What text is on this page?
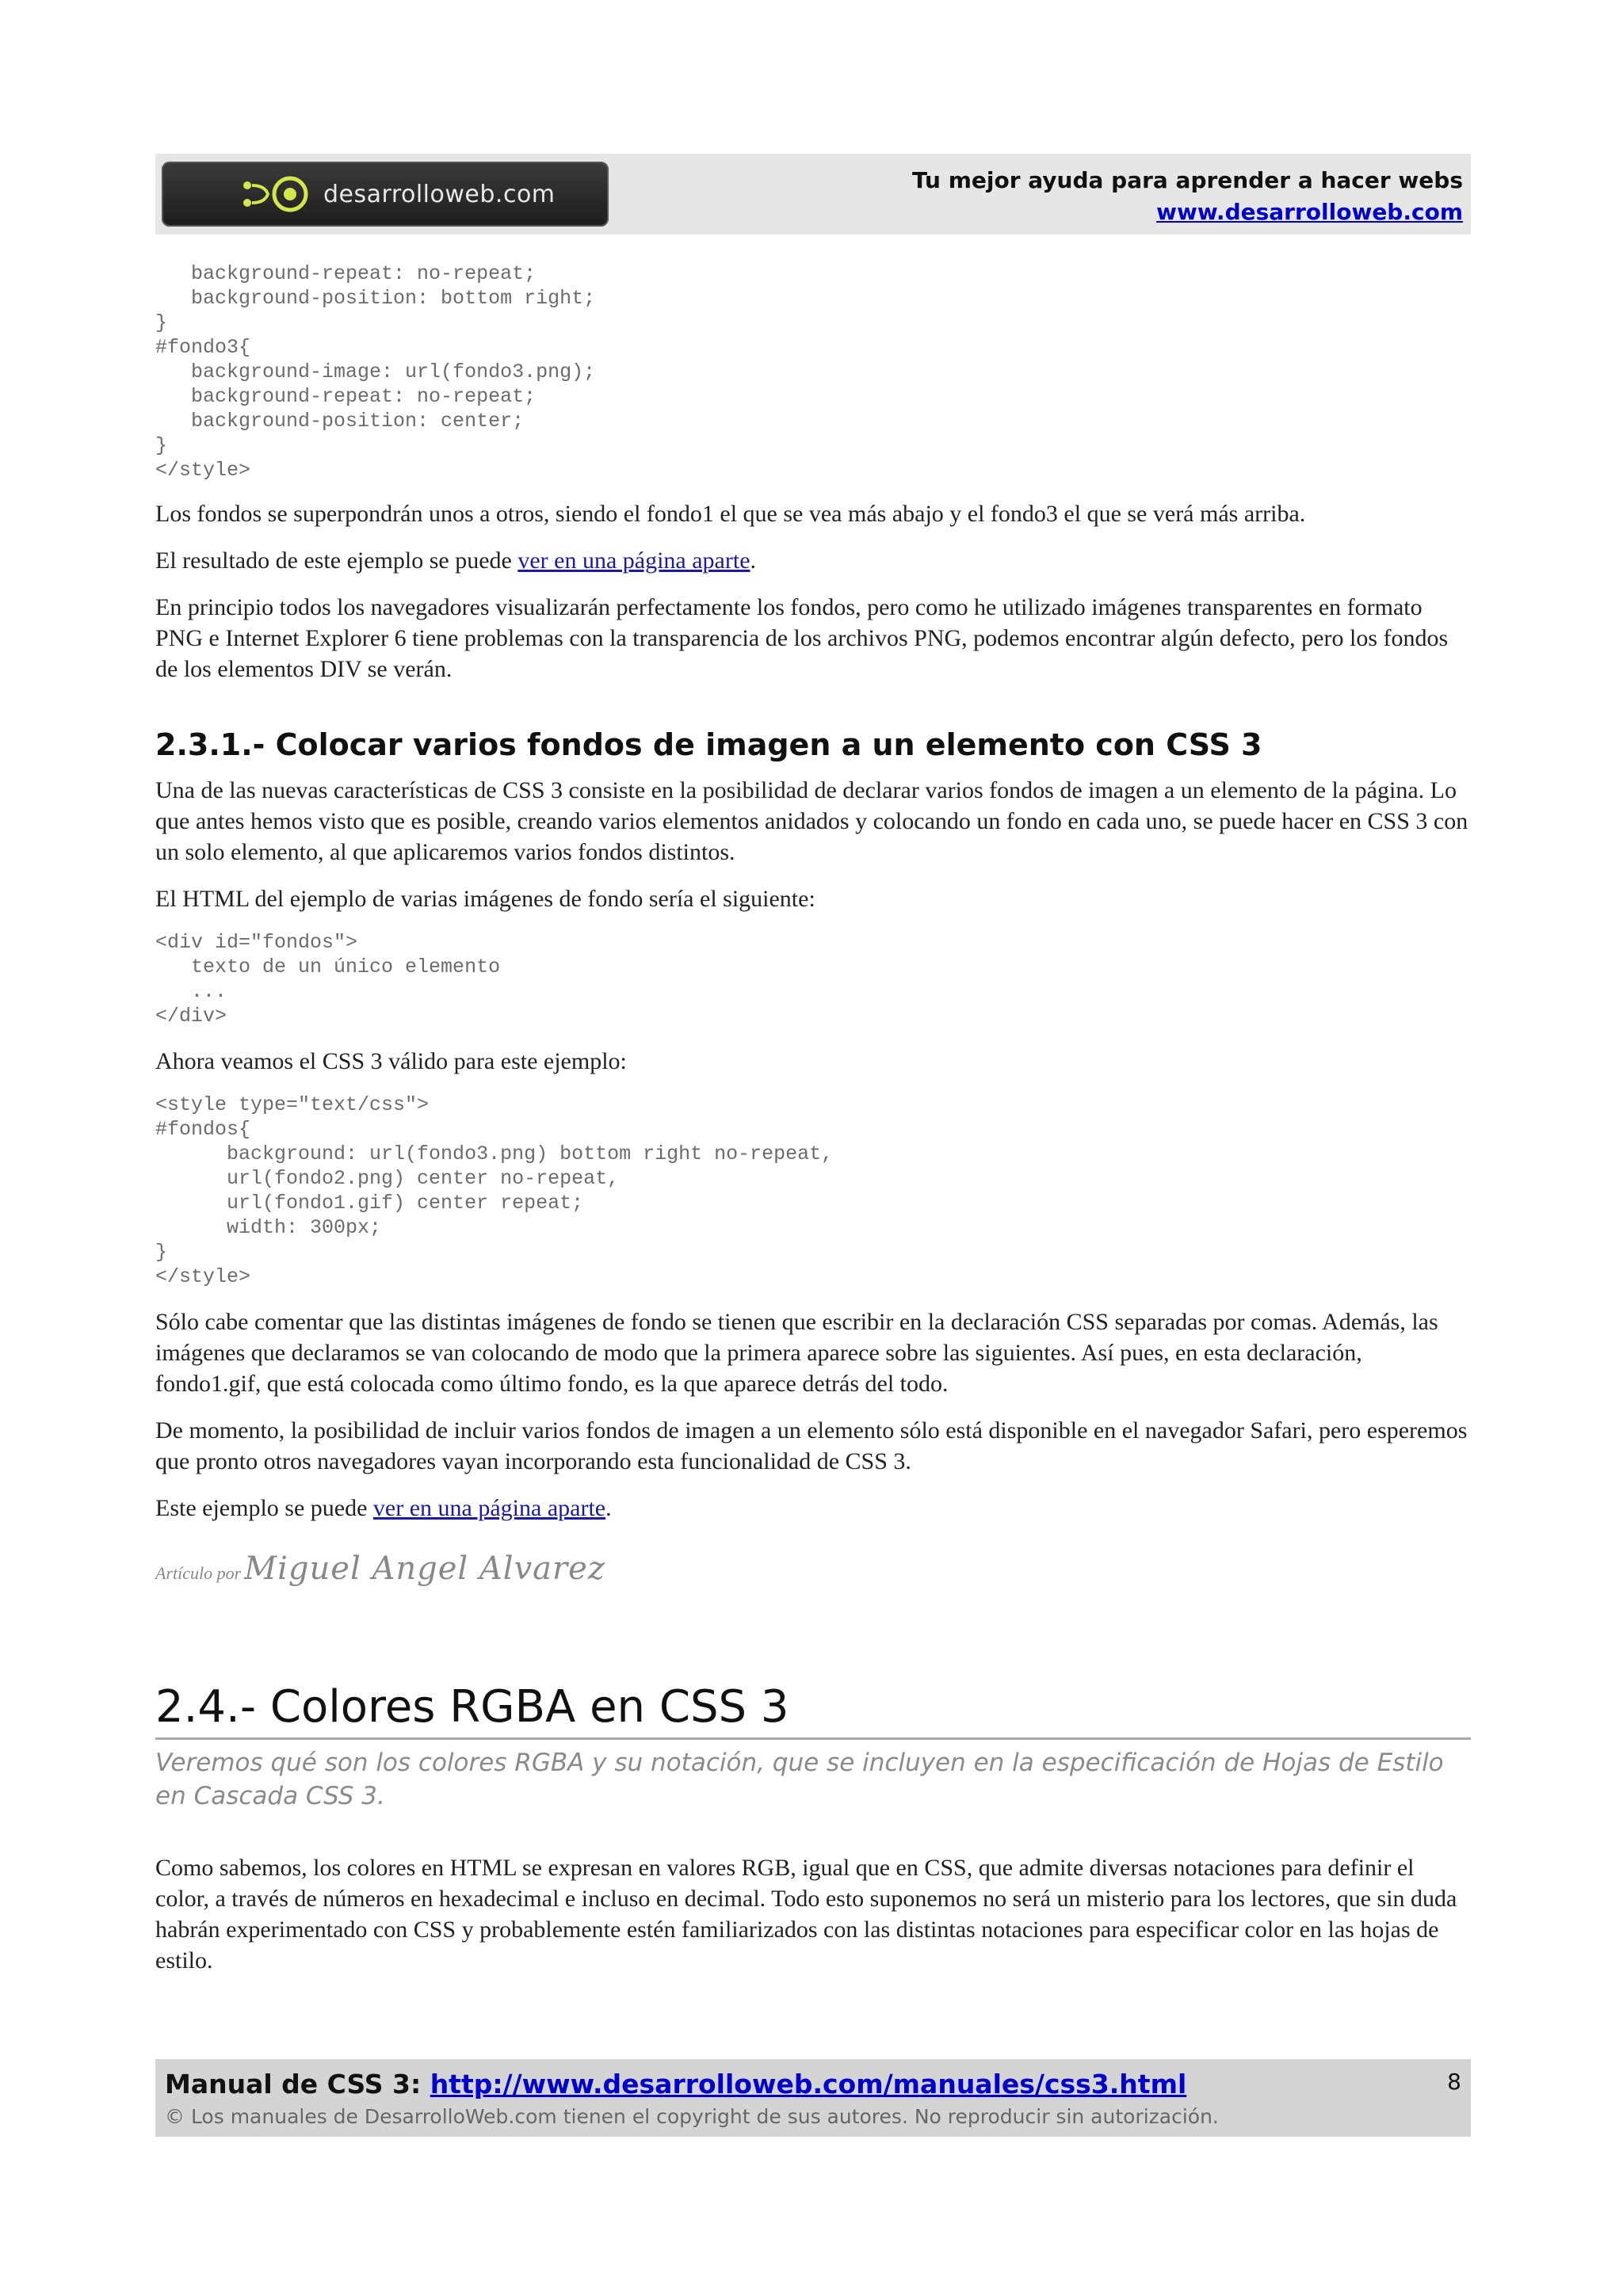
desarrolloweb.com	Tu mejor ayuda para aprender a hacer webs
www.desarrolloweb.com
background-repeat: no-repeat;
background-position: bottom right;
}
#fondo3{
background-image: url(fondo3.png);
background-repeat: no-repeat;
background-position: center;
}
</style>

Los fondos se superpondrán unos a otros, siendo el fondo1 el que se vea más abajo y el fondo3 el que se verá más arriba.

El resultado de este ejemplo se puede ver en una página aparte.

En principio todos los navegadores visualizarán perfectamente los fondos, pero como he utilizado imágenes transparentes en formato PNG e Internet Explorer 6 tiene problemas con la transparencia de los archivos PNG, podemos encontrar algún defecto, pero los fondos de los elementos DIV se verán.

2.3.1.- Colocar varios fondos de imagen a un elemento con CSS 3

Una de las nuevas características de CSS 3 consiste en la posibilidad de declarar varios fondos de imagen a un elemento de la página. Lo que antes hemos visto que es posible, creando varios elementos anidados y colocando un fondo en cada uno, se puede hacer en CSS 3 con un solo elemento, al que aplicaremos varios fondos distintos.

El HTML del ejemplo de varias imágenes de fondo sería el siguiente:

<div id="fondos">
texto de un único elemento
...
</div>

Ahora veamos el CSS 3 válido para este ejemplo:

<style type="text/css">
#fondos{
background: url(fondo3.png) bottom right no-repeat,
url(fondo2.png) center no-repeat,
url(fondo1.gif) center repeat;
width: 300px;
}
</style>

Sólo cabe comentar que las distintas imágenes de fondo se tienen que escribir en la declaración CSS separadas por comas. Además, las imágenes que declaramos se van colocando de modo que la primera aparece sobre las siguientes. Así pues, en esta declaración, fondo1.gif, que está colocada como último fondo, es la que aparece detrás del todo.

De momento, la posibilidad de incluir varios fondos de imagen a un elemento sólo está disponible en el navegador Safari, pero esperemos que pronto otros navegadores vayan incorporando esta funcionalidad de CSS 3.

Este ejemplo se puede ver en una página aparte.

Artículo por Miguel Angel Alvarez
2.4.- Colores RGBA en CSS 3
Veremos qué son los colores RGBA y su notación, que se incluyen en la especificación de Hojas de Estilo en Cascada CSS 3.

Como sabemos, los colores en HTML se expresan en valores RGB, igual que en CSS, que admite diversas notaciones para definir el color, a través de números en hexadecimal e incluso en decimal. Todo esto suponemos no será un misterio para los lectores, que sin duda habrán experimentado con CSS y probablemente estén familiarizados con las distintas notaciones para especificar color en las hojas de estilo.

Manual de CSS 3: http://www.desarrolloweb.com/manuales/css3.html
© Los manuales de DesarrolloWeb.com tienen el copyright de sus autores. No reproducir sin autorización.
8
